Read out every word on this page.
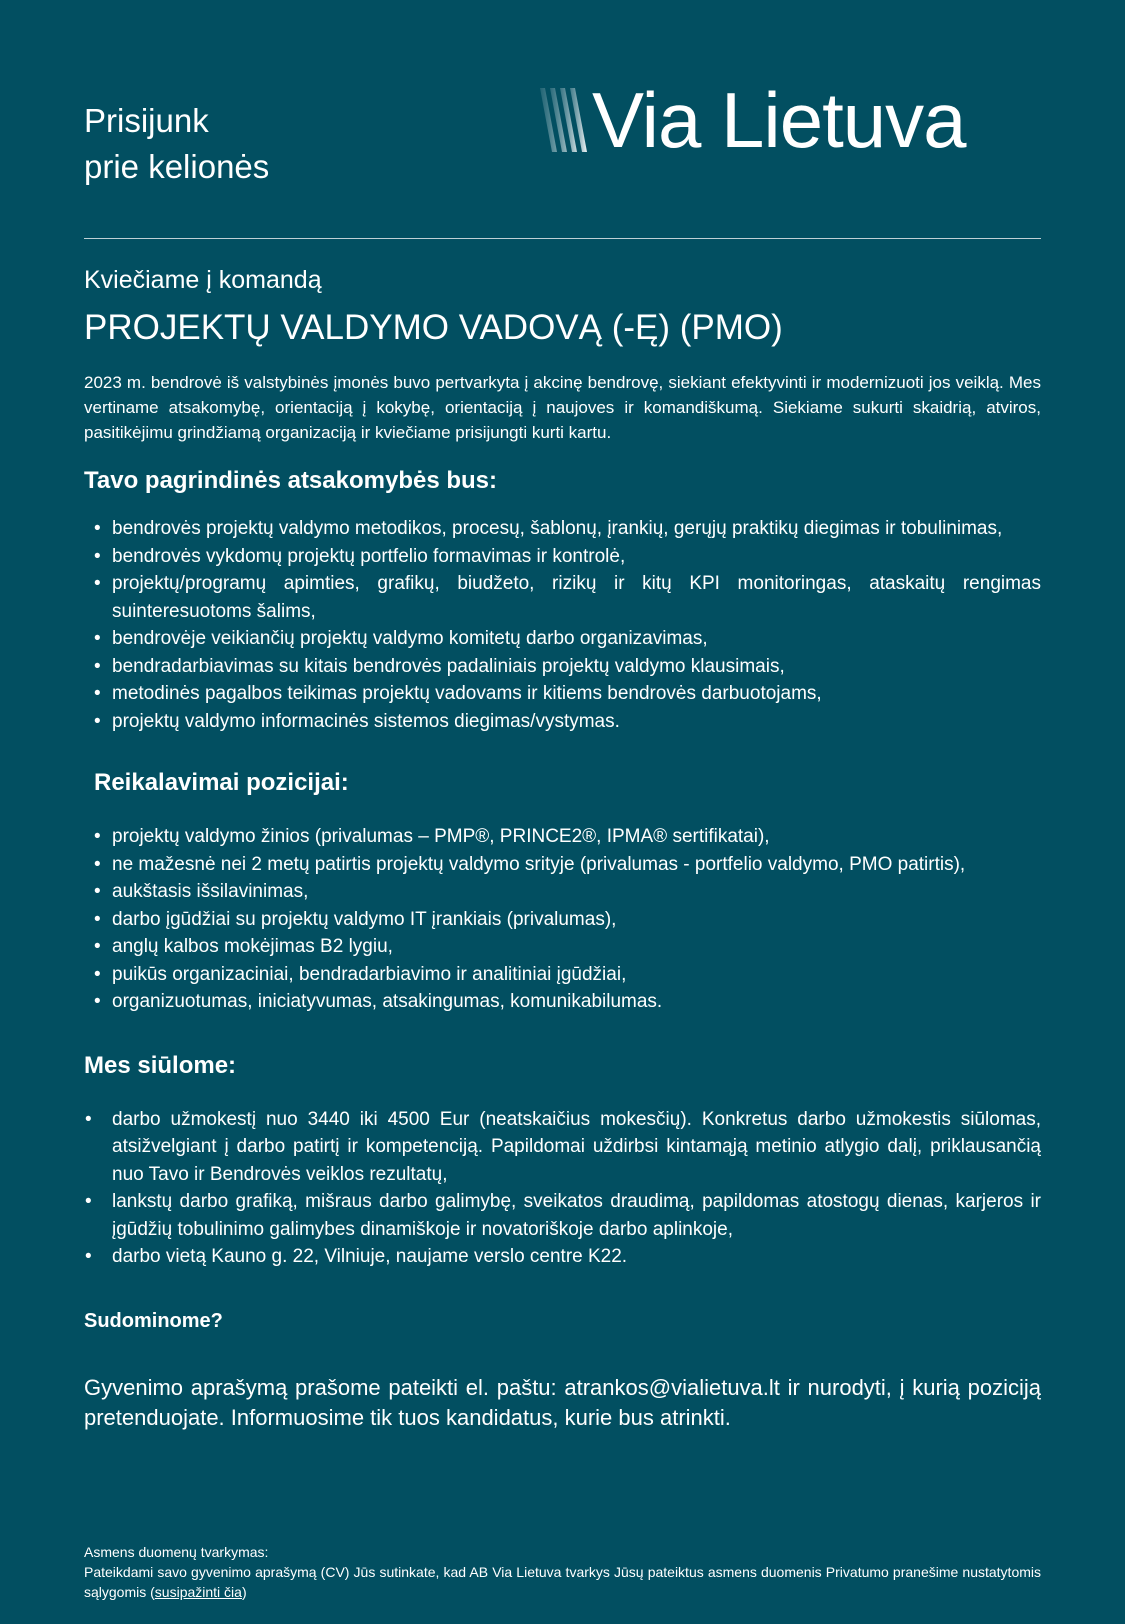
Prisijunk
prie kelionės
Via Lietuva

Kviečiame į komandą

PROJEKTŲ VALDYMO VADOVĄ (-Ę) (PMO)

2023 m. bendrovė iš valstybinės įmonės buvo pertvarkyta į akcinę bendrovę, siekiant efektyvinti ir modernizuoti jos veiklą. Mes vertiname atsakomybę, orientaciją į kokybę, orientaciją į naujoves ir komandiškumą. Siekiame sukurti skaidrią, atviros, pasitikėjimu grindžiamą organizaciją ir kviečiame prisijungti kurti kartu.

Tavo pagrindinės atsakomybės bus:
• bendrovės projektų valdymo metodikos, procesų, šablonų, įrankių, gerųjų praktikų diegimas ir tobulinimas,
• bendrovės vykdomų projektų portfelio formavimas ir kontrolė,
• projektų/programų apimties, grafikų, biudžeto, rizikų ir kitų KPI monitoringas, ataskaitų rengimas suinteresuotoms šalims,
• bendrovėje veikiančių projektų valdymo komitetų darbo organizavimas,
• bendradarbiavimas su kitais bendrovės padaliniais projektų valdymo klausimais,
• metodinės pagalbos teikimas projektų vadovams ir kitiems bendrovės darbuotojams,
• projektų valdymo informacinės sistemos diegimas/vystymas.
Reikalavimai pozicijai:
• projektų valdymo žinios (privalumas – PMP®, PRINCE2®, IPMA® sertifikatai),
• ne mažesnė nei 2 metų patirtis projektų valdymo srityje (privalumas - portfelio valdymo, PMO patirtis),
• aukštasis išsilavinimas,
• darbo įgūdžiai su projektų valdymo IT įrankiais (privalumas),
• anglų kalbos mokėjimas B2 lygiu,
• puikūs organizaciniai, bendradarbiavimo ir analitiniai įgūdžiai,
• organizuotumas, iniciatyvumas, atsakingumas, komunikabilumas.
Mes siūlome:
• darbo užmokestį nuo 3440 iki 4500 Eur (neatskaičius mokesčių). Konkretus darbo užmokestis siūlomas, atsižvelgiant į darbo patirtį ir kompetenciją. Papildomai uždirbsi kintamąją metinio atlygio dalį, priklausančią nuo Tavo ir Bendrovės veiklos rezultatų,
• lankstų darbo grafiką, mišraus darbo galimybę, sveikatos draudimą, papildomas atostogų dienas, karjeros ir įgūdžių tobulinimo galimybes dinamiškoje ir novatoriškoje darbo aplinkoje,
• darbo vietą Kauno g. 22, Vilniuje, naujame verslo centre K22.
Sudominome?

Gyvenimo aprašymą prašome pateikti el. paštu: atrankos@vialietuva.lt ir nurodyti, į kurią poziciją pretenduojate. Informuosime tik tuos kandidatus, kurie bus atrinkti.

Asmens duomenų tvarkymas:

Pateikdami savo gyvenimo aprašymą (CV) Jūs sutinkate, kad AB Via Lietuva tvarkys Jūsų pateiktus asmens duomenis Privatumo pranešime nustatytomis sąlygomis (susipažinti čia)
